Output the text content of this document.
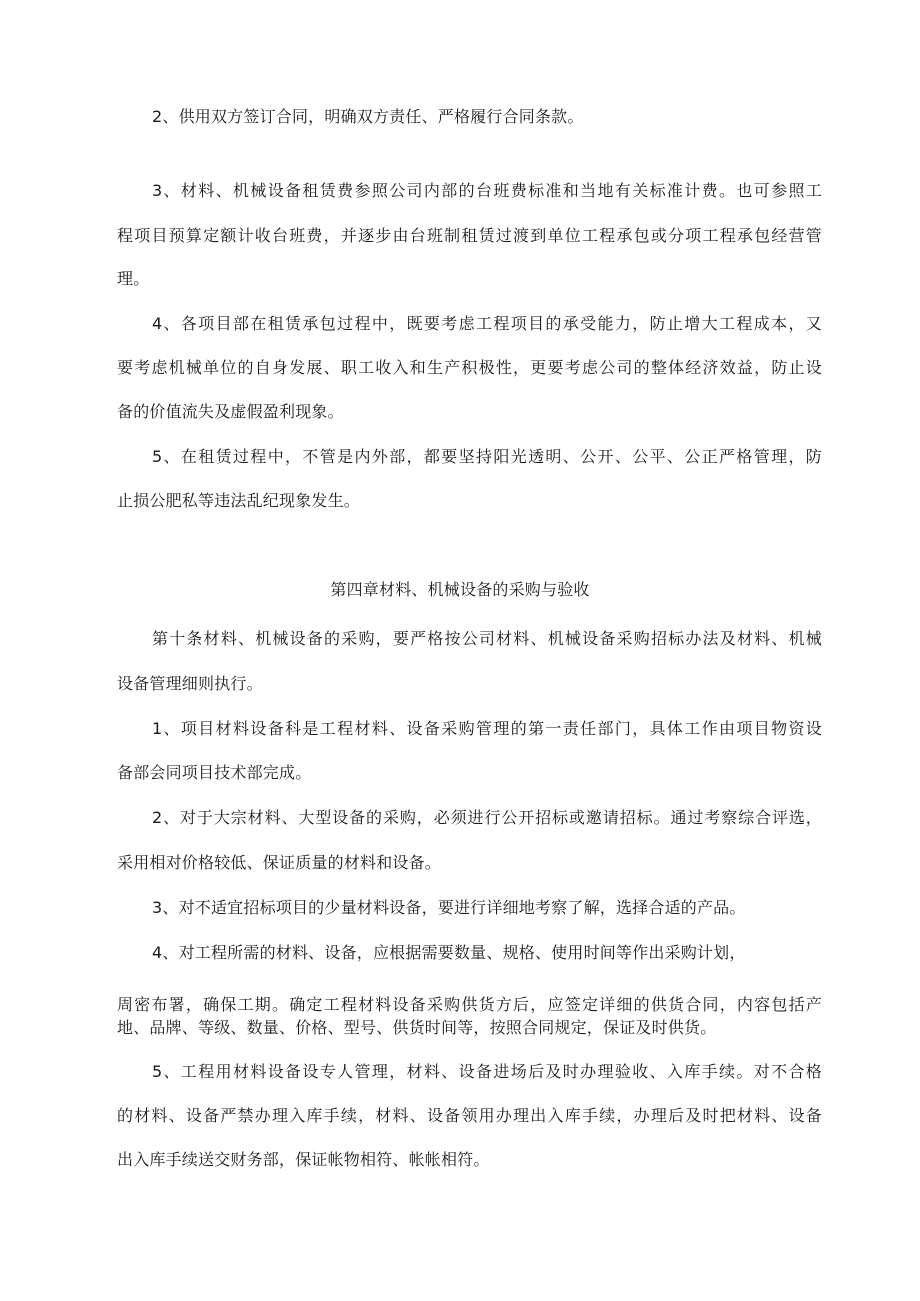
2、供用双方签订合同，明确双方责任、严格履行合同条款。
3、材料、机械设备租赁费参照公司内部的台班费标准和当地有关标准计费。也可参照工
程项目预算定额计收台班费，并逐步由台班制租赁过渡到单位工程承包或分项工程承包经营管
理。
4、各项目部在租赁承包过程中，既要考虑工程项目的承受能力，防止增大工程成本，又
要考虑机械单位的自身发展、职工收入和生产积极性，更要考虑公司的整体经济效益，防止设
备的价值流失及虚假盈利现象。
5、在租赁过程中，不管是内外部，都要坚持阳光透明、公开、公平、公正严格管理，防
止损公肥私等违法乱纪现象发生。
第四章材料、机械设备的采购与验收
第十条材料、机械设备的采购，要严格按公司材料、机械设备采购招标办法及材料、机械
设备管理细则执行。
1、项目材料设备科是工程材料、设备采购管理的第一责任部门，具体工作由项目物资设
备部会同项目技术部完成。
2、对于大宗材料、大型设备的采购，必须进行公开招标或邀请招标。通过考察综合评选，
采用相对价格较低、保证质量的材料和设备。
3、对不适宜招标项目的少量材料设备，要进行详细地考察了解，选择合适的产品。
4、对工程所需的材料、设备，应根据需要数量、规格、使用时间等作出采购计划，
周密布署，确保工期。确定工程材料设备采购供货方后，应签定详细的供货合同，内容包括产
地、品牌、等级、数量、价格、型号、供货时间等，按照合同规定，保证及时供货。
5、工程用材料设备设专人管理，材料、设备进场后及时办理验收、入库手续。对不合格
的材料、设备严禁办理入库手续，材料、设备领用办理出入库手续，办理后及时把材料、设备
出入库手续送交财务部，保证帐物相符、帐帐相符。
